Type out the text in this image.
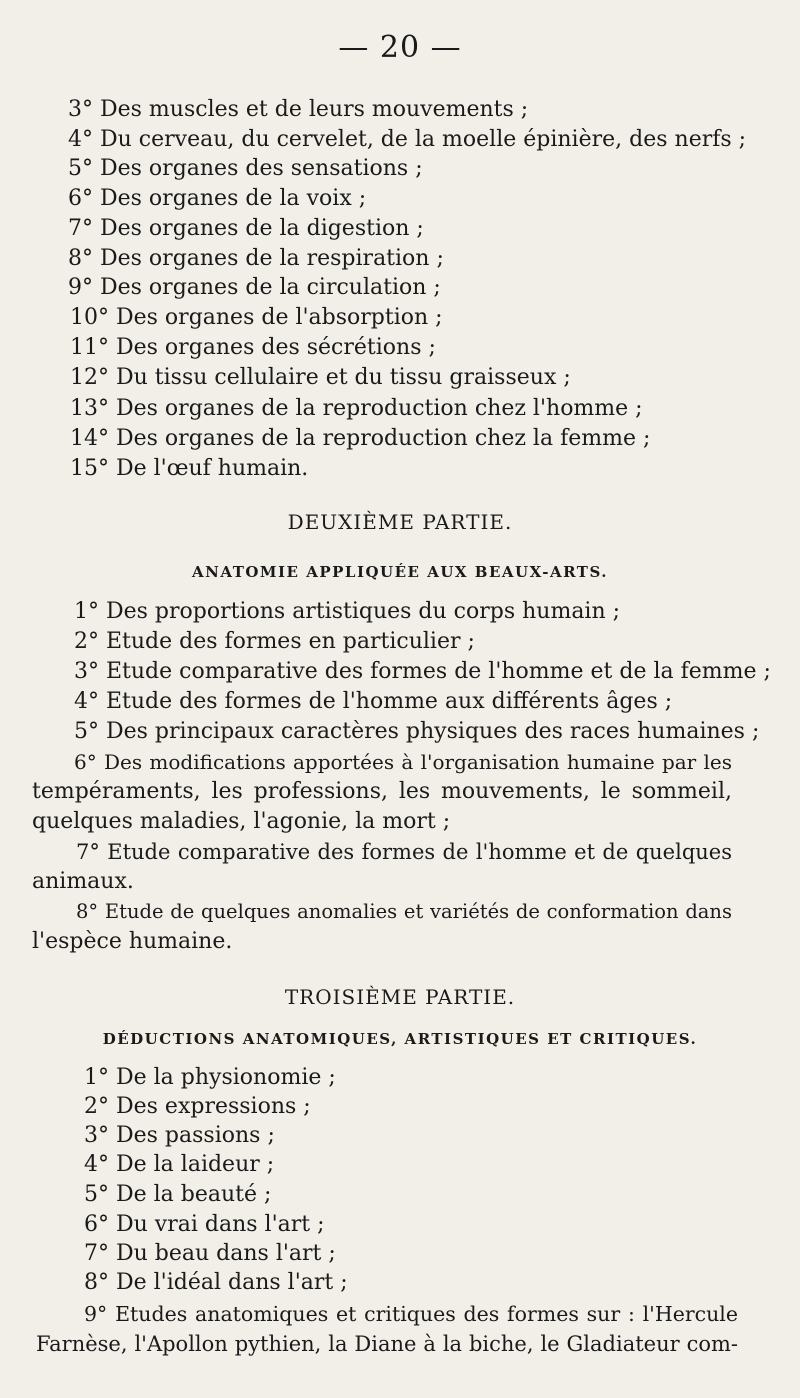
— 20 —
3° Des muscles et de leurs mouvements ;
4° Du cerveau, du cervelet, de la moelle épinière, des nerfs ;
5° Des organes des sensations ;
6° Des organes de la voix ;
7° Des organes de la digestion ;
8° Des organes de la respiration ;
9° Des organes de la circulation ;
10° Des organes de l'absorption ;
11° Des organes des sécrétions ;
12° Du tissu cellulaire et du tissu graisseux ;
13° Des organes de la reproduction chez l'homme ;
14° Des organes de la reproduction chez la femme ;
15° De l'œuf humain.
DEUXIÈME PARTIE.
ANATOMIE APPLIQUÉE AUX BEAUX-ARTS.
1° Des proportions artistiques du corps humain ;
2° Etude des formes en particulier ;
3° Etude comparative des formes de l'homme et de la femme ;
4° Etude des formes de l'homme aux différents âges ;
5° Des principaux caractères physiques des races humaines ;
6° Des modifications apportées à l'organisation humaine par les
tempéraments, les professions, les mouvements, le sommeil,
quelques maladies, l'agonie, la mort ;
7° Etude comparative des formes de l'homme et de quelques
animaux.
8° Etude de quelques anomalies et variétés de conformation dans
l'espèce humaine.
TROISIÈME PARTIE.
DÉDUCTIONS ANATOMIQUES, ARTISTIQUES ET CRITIQUES.
1° De la physionomie ;
2° Des expressions ;
3° Des passions ;
4° De la laideur ;
5° De la beauté ;
6° Du vrai dans l'art ;
7° Du beau dans l'art ;
8° De l'idéal dans l'art ;
9° Etudes anatomiques et critiques des formes sur : l'Hercule
Farnèse, l'Apollon pythien, la Diane à la biche, le Gladiateur com-
